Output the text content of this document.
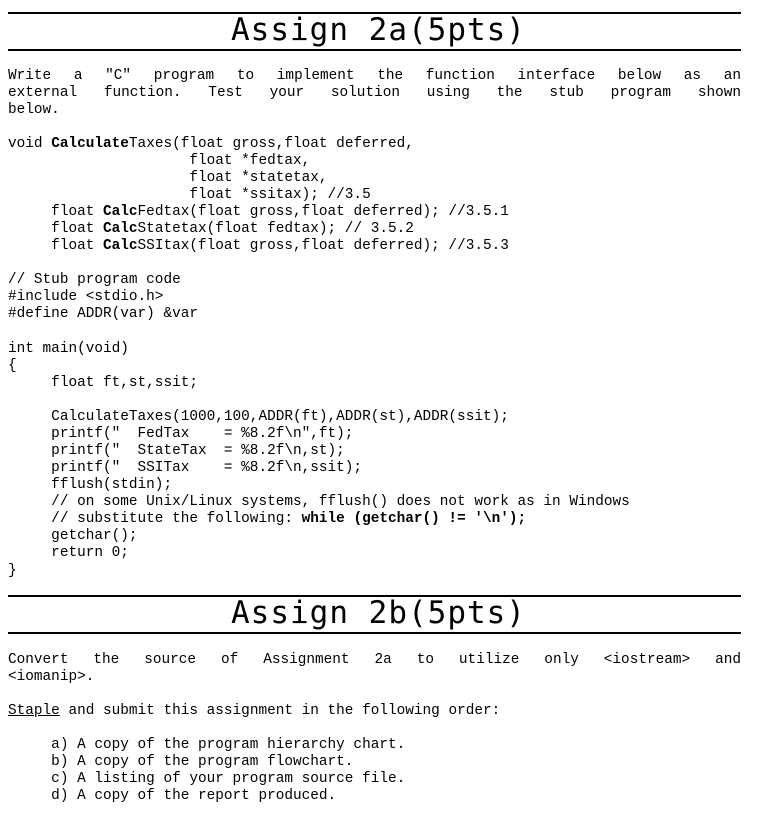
Assign 2a(5pts)
Write a "C" program to implement the function interface below as an
external function. Test your solution using the stub program shown
below.
void CalculateTaxes(float gross,float deferred,
float *fedtax,
float *statetax,
float *ssitax); //3.5
float CalcFedtax(float gross,float deferred); //3.5.1
float CalcStatetax(float fedtax); // 3.5.2
float CalcSSItax(float gross,float deferred); //3.5.3
// Stub program code
#include <stdio.h>
#define ADDR(var) &var
int main(void)
{
float ft,st,ssit;
CalculateTaxes(1000,100,ADDR(ft),ADDR(st),ADDR(ssit);
printf("  FedTax    = %8.2f\n",ft);
printf("  StateTax  = %8.2f\n,st);
printf("  SSITax    = %8.2f\n,ssit);
fflush(stdin);
// on some Unix/Linux systems, fflush() does not work as in Windows
// substitute the following: while (getchar() != '\n');
getchar();
return 0;
}
Assign 2b(5pts)
Convert the source of Assignment 2a to utilize only <iostream> and
<iomanip>.
Staple and submit this assignment in the following order:
a) A copy of the program hierarchy chart.
b) A copy of the program flowchart.
c) A listing of your program source file.
d) A copy of the report produced.
